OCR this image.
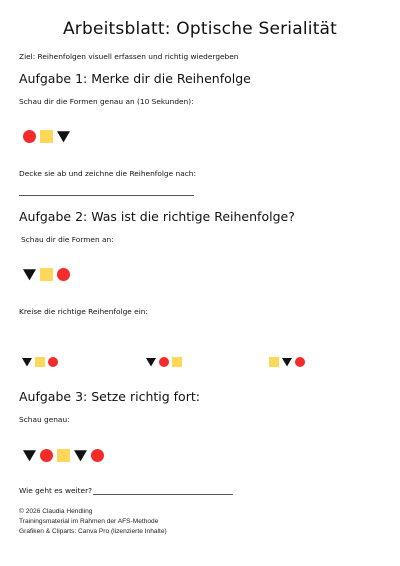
Arbeitsblatt: Optische Serialität
Ziel: Reihenfolgen visuell erfassen und richtig wiedergeben
Aufgabe 1: Merke dir die Reihenfolge
Schau dir die Formen genau an (10 Sekunden):
Decke sie ab und zeichne die Reihenfolge nach:
Aufgabe 2: Was ist die richtige Reihenfolge?
Schau dir die Formen an:
Kreise die richtige Reihenfolge ein:
Aufgabe 3: Setze richtig fort:
Schau genau:
Wie geht es weiter?
© 2026 Claudia Hendling
Trainingsmaterial im Rahmen der AFS-Methode
Grafiken & Cliparts: Canva Pro (lizenzierte Inhalte)
